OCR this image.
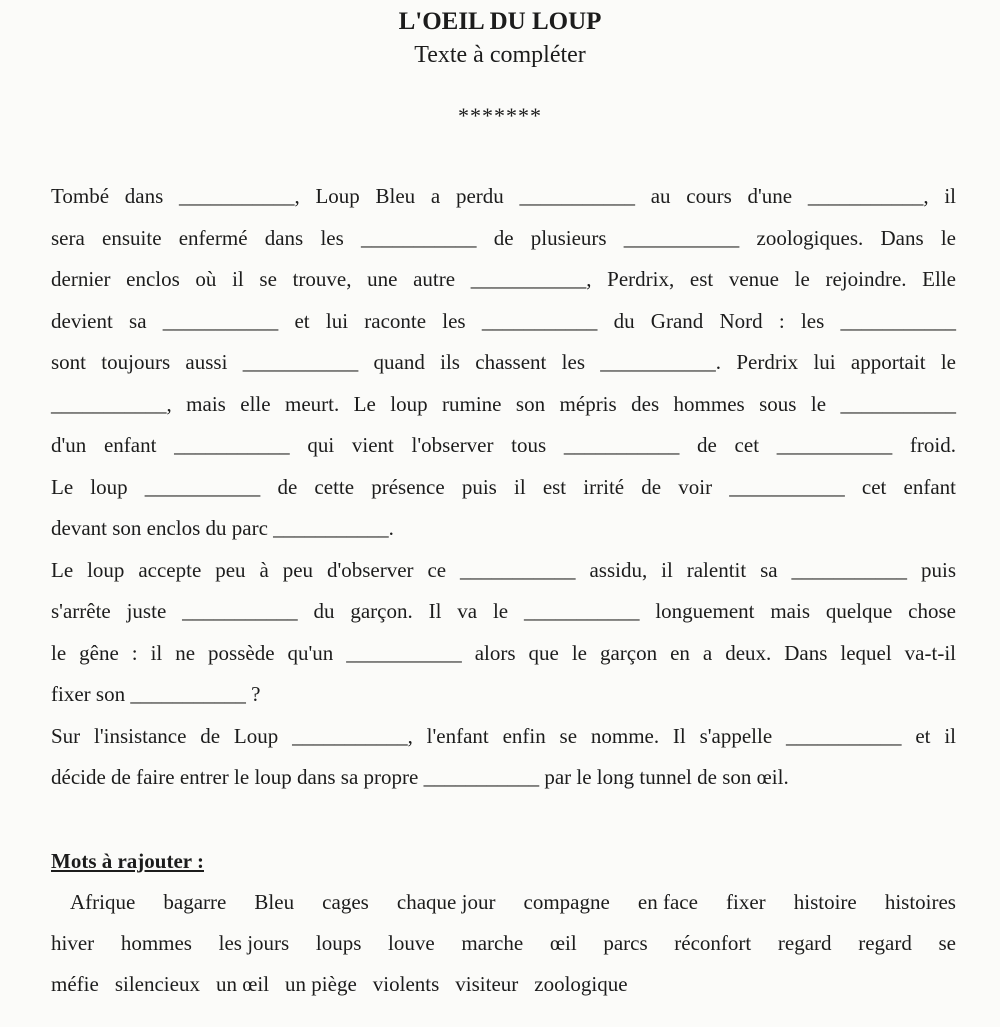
L'OEIL DU LOUP
Texte à compléter
*******
Tombé dans ___________, Loup Bleu a perdu ___________ au cours d'une ___________, il
sera ensuite enfermé dans les ___________ de plusieurs ___________ zoologiques. Dans le
dernier enclos où il se trouve, une autre ___________, Perdrix, est venue le rejoindre. Elle
devient sa ___________ et lui raconte les ___________ du Grand Nord : les ___________
sont toujours aussi ___________ quand ils chassent les ___________. Perdrix lui apportait le
___________, mais elle meurt. Le loup rumine son mépris des hommes sous le ___________
d'un enfant ___________ qui vient l'observer tous ___________ de cet ___________ froid.
Le loup ___________ de cette présence puis il est irrité de voir ___________ cet enfant
devant son enclos du parc ___________.
Le loup accepte peu à peu d'observer ce ___________ assidu, il ralentit sa ___________ puis
s'arrête juste ___________ du garçon. Il va le ___________ longuement mais quelque chose
le gêne : il ne possède qu'un ___________ alors que le garçon en a deux. Dans lequel va-t-il
fixer son ___________ ?
Sur l'insistance de Loup ___________, l'enfant enfin se nomme. Il s'appelle ___________ et il
décide de faire entrer le loup dans sa propre ___________ par le long tunnel de son œil.
Mots à rajouter :
Afrique bagarre Bleu cages chaque jour compagne en face fixer histoire histoires
hiver hommes les jours loups louve marche œil parcs réconfort regard regard se
méfie silencieux un œil un piège violents visiteur zoologique
